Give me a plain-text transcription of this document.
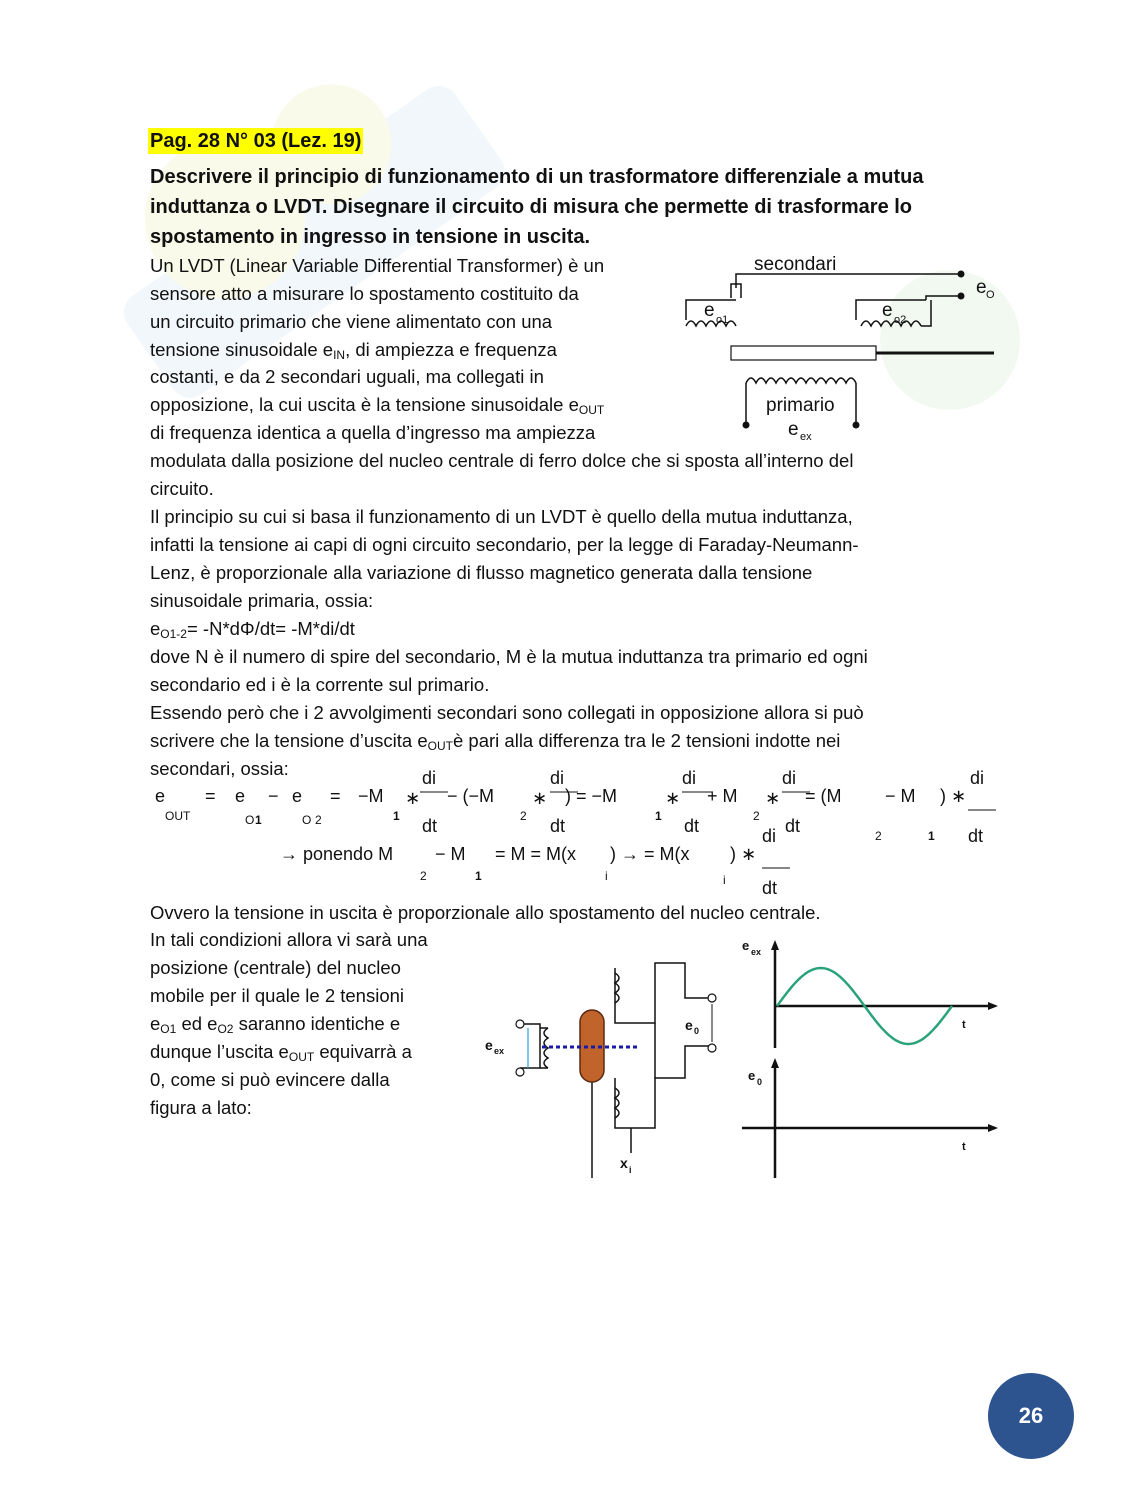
Pag. 28 N° 03 (Lez. 19)
Descrivere il principio di funzionamento di un trasformatore differenziale a mutua induttanza o LVDT. Disegnare il circuito di misura che permette di trasformare lo spostamento in ingresso in tensione in uscita.
Un LVDT (Linear Variable Differential Transformer) è un
sensore atto a misurare lo spostamento costituito da
un circuito primario che viene alimentato con una
tensione sinusoidale $e_{IN}$, di ampiezza e frequenza
costanti, e da 2 secondari uguali, ma collegati in
opposizione, la cui uscita è la tensione sinusoidale $e_{OUT}$
di frequenza identica a quella d’ingresso ma ampiezza
modulata dalla posizione del nucleo centrale di ferro dolce che si sposta all’interno del
circuito.
Il principio su cui si basa il funzionamento di un LVDT è quello della mutua induttanza,
infatti la tensione ai capi di ogni circuito secondario, per la legge di Faraday-Neumann-
Lenz, è proporzionale alla variazione di flusso magnetico generata dalla tensione
sinusoidale primaria, ossia:
$e_{O1-2}= -N*d\Phi/dt= -M*di/dt$
dove N è il numero di spire del secondario, M è la mutua induttanza tra primario ed ogni
secondario ed i è la corrente sul primario.
Essendo però che i 2 avvolgimenti secondari sono collegati in opposizione allora si può
scrivere che la tensione d’uscita $e_{OUT}è$ pari alla differenza tra le 2 tensioni indotte nei
secondari, ossia:
e
OUT
= e
O 1
− e
O 2
= −M
1
∗
di
dt
− (−M
2
∗
di
dt
) = −M
1
∗
di
dt
+ M
2
∗
di
dt
= (M
2
− M
1
) ∗
di
dt
→ ponendo M
2
− M
1
= M = M(x
i
) → = M(x
i
) ∗
di
dt
Ovvero la tensione in uscita è proporzionale allo spostamento del nucleo centrale.
In tali condizioni allora vi sarà una
posizione (centrale) del nucleo
mobile per il quale le 2 tensioni
$e_{O1}$ ed $e_{O2}$ saranno identiche e
dunque l’uscita $e_{OUT}$ equivarrà a
0, come si può evincere dalla
figura a lato:
secondari
e O
e o1	e o2
primario
e ex
e ex
e 0
x i
e ex
e 0
t
t
26
